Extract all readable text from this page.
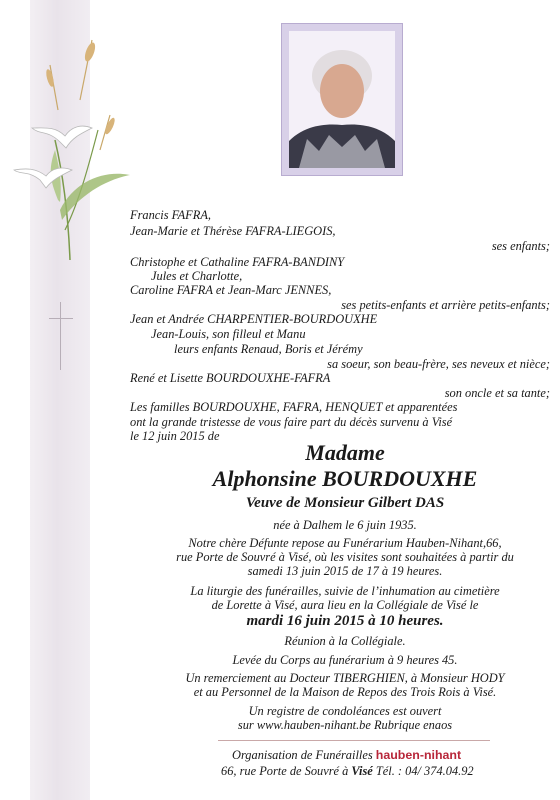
Francis FAFRA,
Jean-Marie et Thérèse FAFRA-LIEGOIS,
ses enfants;
Christophe et Cathaline FAFRA-BANDINY
Jules et Charlotte,
Caroline FAFRA et Jean-Marc JENNES,
ses petits-enfants et arrière petits-enfants;
Jean et Andrée CHARPENTIER-BOURDOUXHE
Jean-Louis, son filleul et Manu
leurs enfants Renaud, Boris et Jérémy
sa soeur, son beau-frère, ses neveux et nièce;
René et Lisette BOURDOUXHE-FAFRA
son oncle et sa tante;
Les familles BOURDOUXHE, FAFRA, HENQUET et apparentées
ont la grande tristesse de vous faire part du décès survenu à Visé
le 12 juin 2015 de
Madame
Alphonsine BOURDOUXHE
Veuve de Monsieur Gilbert DAS
née à Dalhem le 6 juin 1935.
Notre chère Défunte repose au Funérarium Hauben-Nihant,66,
rue Porte de Souvré à Visé, où les visites sont souhaitées à partir du
samedi 13 juin 2015 de 17 à 19 heures.
La liturgie des funérailles, suivie de l’inhumation au cimetière
de Lorette à Visé, aura lieu en la Collégiale de Visé le
mardi 16 juin 2015 à 10 heures.
Réunion à la Collégiale.
Levée du Corps au funérarium à 9 heures 45.
Un remerciement au Docteur TIBERGHIEN, à Monsieur HODY
et au Personnel de la Maison de Repos des Trois Rois à Visé.
Un registre de condoléances est ouvert
sur www.hauben-nihant.be Rubrique enaos
Organisation de Funérailles hauben-nihant
66, rue Porte de Souvré à Visé Tél. : 04/ 374.04.92
